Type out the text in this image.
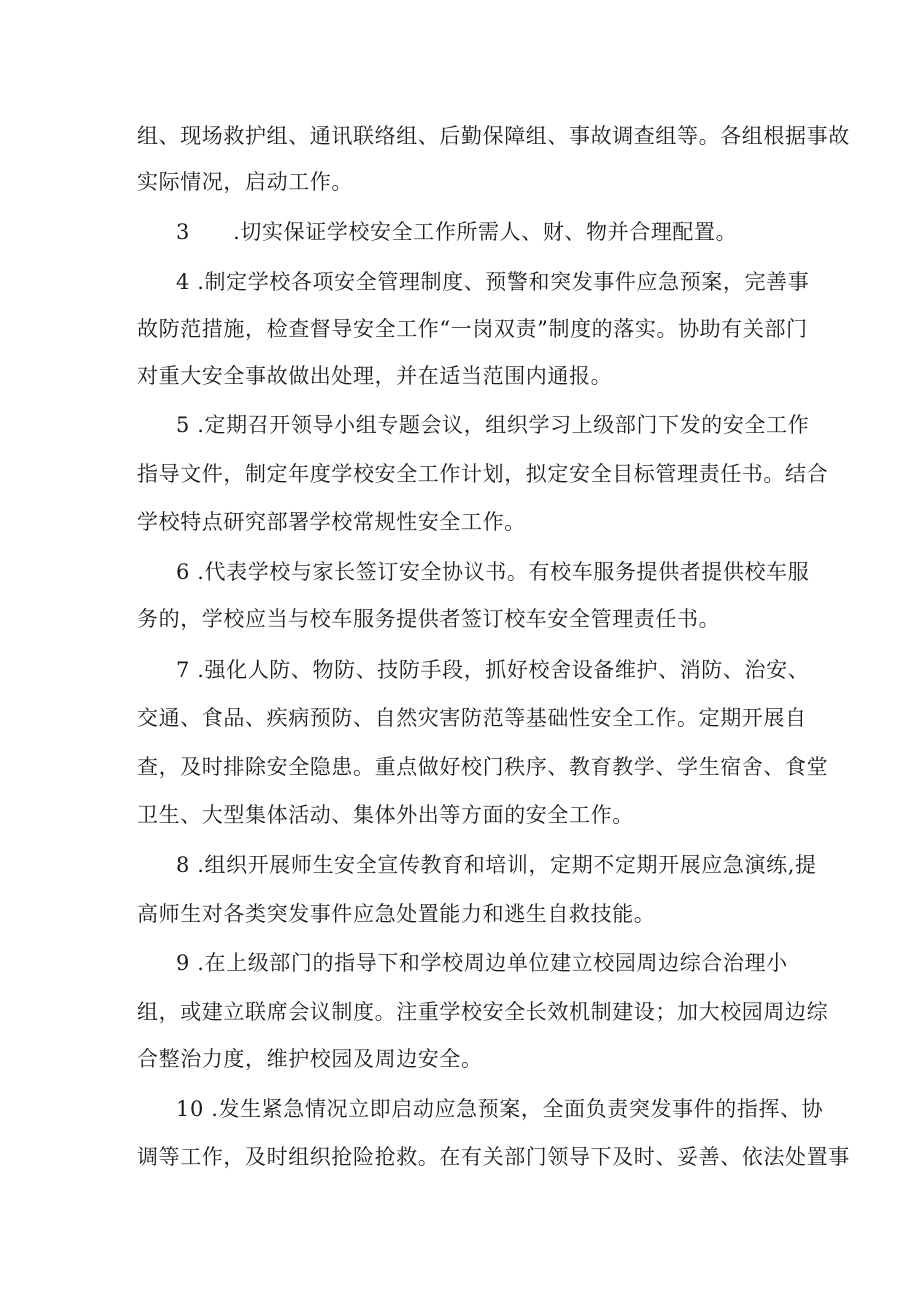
组、现场救护组、通讯联络组、后勤保障组、事故调查组等。各组根据事故
实际情况，启动工作。
3　　.切实保证学校安全工作所需人、财、物并合理配置。
4 .制定学校各项安全管理制度、预警和突发事件应急预案，完善事
故防范措施，检查督导安全工作“一岗双责”制度的落实。协助有关部门
对重大安全事故做出处理，并在适当范围内通报。
5 .定期召开领导小组专题会议，组织学习上级部门下发的安全工作
指导文件，制定年度学校安全工作计划，拟定安全目标管理责任书。结合
学校特点研究部署学校常规性安全工作。
6 .代表学校与家长签订安全协议书。有校车服务提供者提供校车服
务的，学校应当与校车服务提供者签订校车安全管理责任书。
7 .强化人防、物防、技防手段，抓好校舍设备维护、消防、治安、
交通、食品、疾病预防、自然灾害防范等基础性安全工作。定期开展自
查，及时排除安全隐患。重点做好校门秩序、教育教学、学生宿舍、食堂
卫生、大型集体活动、集体外出等方面的安全工作。
8 .组织开展师生安全宣传教育和培训，定期不定期开展应急演练,提
高师生对各类突发事件应急处置能力和逃生自救技能。
9 .在上级部门的指导下和学校周边单位建立校园周边综合治理小
组，或建立联席会议制度。注重学校安全长效机制建设；加大校园周边综
合整治力度，维护校园及周边安全。
10 .发生紧急情况立即启动应急预案，全面负责突发事件的指挥、协
调等工作，及时组织抢险抢救。在有关部门领导下及时、妥善、依法处置事
